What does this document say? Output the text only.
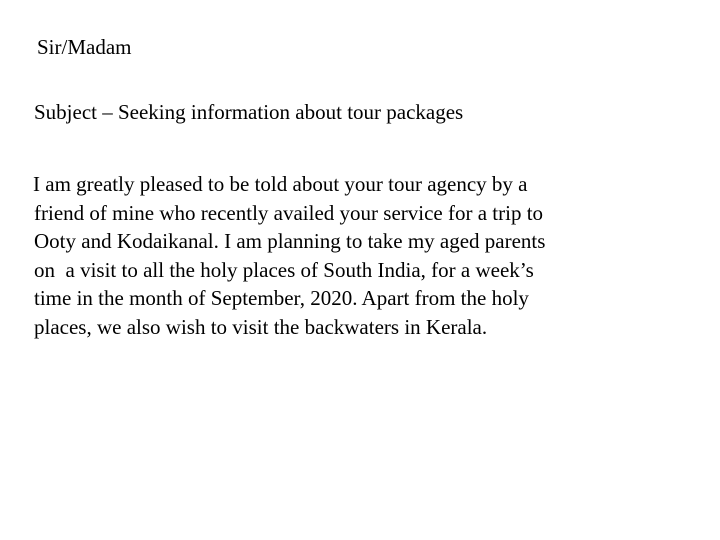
Sir/Madam
Subject – Seeking information about tour packages
I am greatly pleased to be told about your tour agency by a
friend of mine who recently availed your service for a trip to
Ooty and Kodaikanal. I am planning to take my aged parents
on  a visit to all the holy places of South India, for a week’s
time in the month of September, 2020. Apart from the holy
places, we also wish to visit the backwaters in Kerala.
